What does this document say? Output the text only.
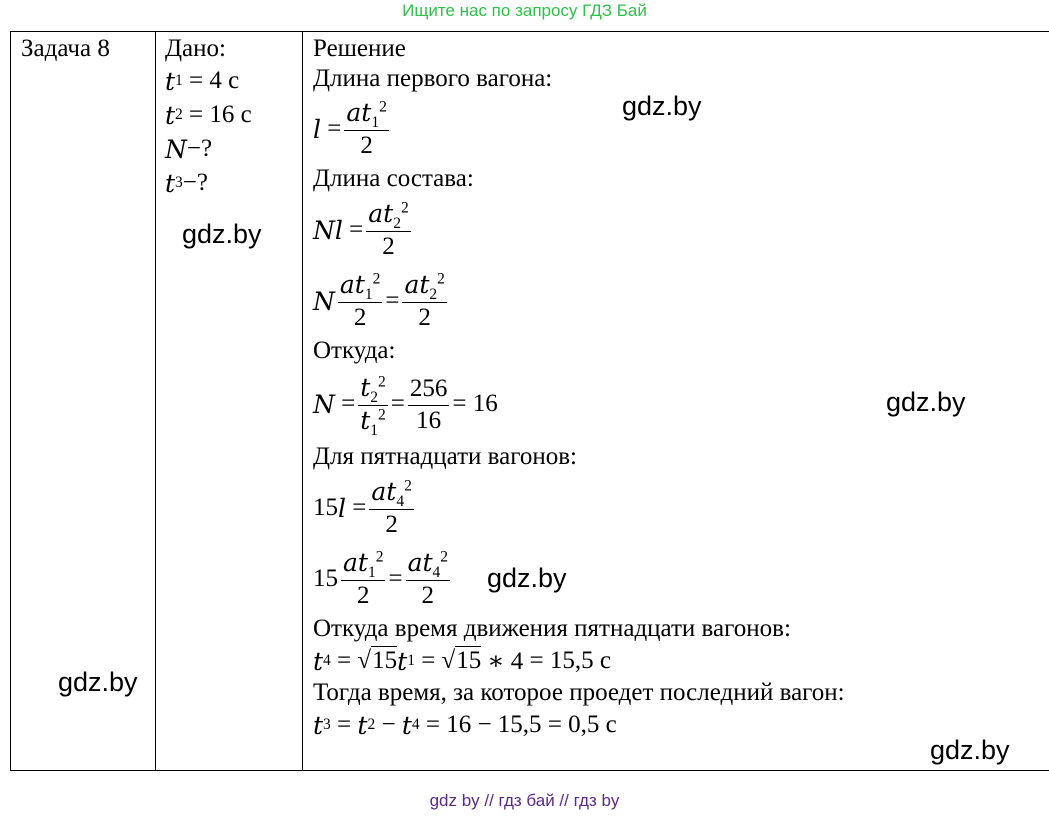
Ищите нас по запросу ГДЗ Бай
Задача 8	Дано:
t 1
= 4 с
t 2
= 16 с
N −?
t 3 −?

Решение
Длина первого вагона:
$l = \frac{at_1^2}{2}$
Длина состава:
$Nl = \frac{at_2^2}{2}$
N $\frac{at_1^2}{2} = \frac{at_2^2}{2}$
Откуда:
$N = \frac{t_2^2}{t_1^2} = \frac{256}{16} = 16$
Для пятнадцати вагонов:
15 $l = \frac{at_4^2}{2}$
$15 \frac{at_1^2}{2} = \frac{at_4^2}{2}$
Откуда время движения пятнадцати вагонов:
t 4 = √15 t 1 = √15
∗ 4
= 15,5 с
Тогда время, за которое проедет последний вагон:
t 3 = t 2 − t 4
= 16 − 15,5
= 0,5 с
gdz.by
gdz.by
gdz.by
gdz.by
gdz.by
gdz.by
gdz by // гдз бай // гдз by
